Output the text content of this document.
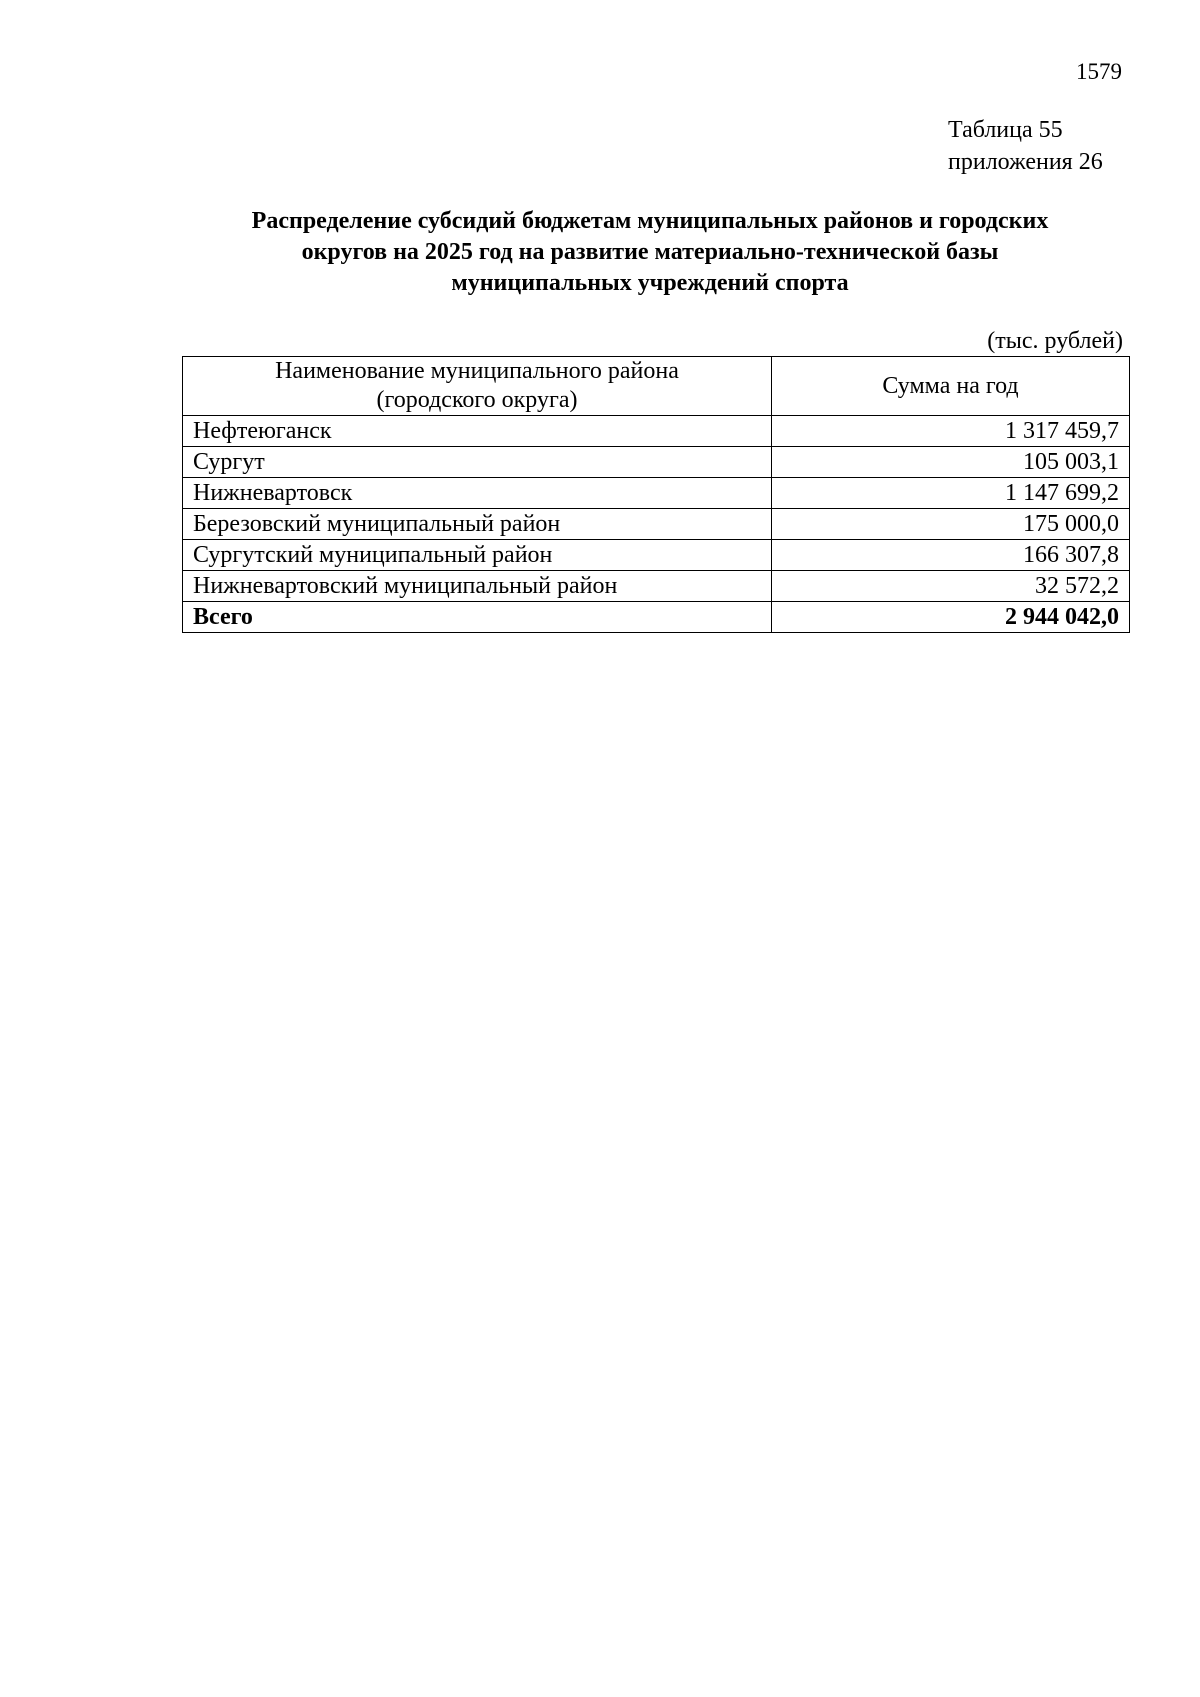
1579
Таблица 55
приложения 26
Распределение субсидий бюджетам муниципальных районов и городских
округов на 2025 год на развитие материально-технической базы
муниципальных учреждений спорта
(тыс. рублей)
Наименование муниципального района
(городского округа)	Сумма на год
Нефтеюганск	1 317 459,7
Сургут	105 003,1
Нижневартовск	1 147 699,2
Березовский муниципальный район	175 000,0
Сургутский муниципальный район	166 307,8
Нижневартовский муниципальный район	32 572,2
Всего	2 944 042,0
